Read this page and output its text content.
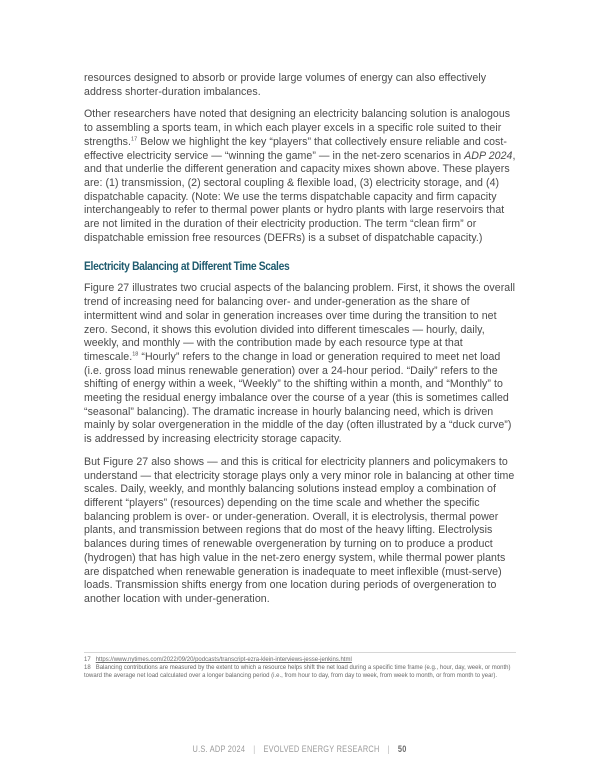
resources designed to absorb or provide large volumes of energy can also effectively address shorter-duration imbalances.

Other researchers have noted that designing an electricity balancing solution is analogous to assembling a sports team, in which each player excels in a specific role suited to their strengths.$^{17}$ Below we highlight the key “players” that collectively ensure reliable and cost-effective electricity service — “winning the game” — in the net-zero scenarios in ADP 2024, and that underlie the different generation and capacity mixes shown above. These players are: (1) transmission, (2) sectoral coupling & flexible load, (3) electricity storage, and (4) dispatchable capacity. (Note: We use the terms dispatchable capacity and firm capacity interchangeably to refer to thermal power plants or hydro plants with large reservoirs that are not limited in the duration of their electricity production. The term “clean firm” or dispatchable emission free resources (DEFRs) is a subset of dispatchable capacity.)

Electricity Balancing at Different Time Scales

Figure 27 illustrates two crucial aspects of the balancing problem. First, it shows the overall trend of increasing need for balancing over- and under-generation as the share of intermittent wind and solar in generation increases over time during the transition to net zero. Second, it shows this evolution divided into different timescales — hourly, daily, weekly, and monthly — with the contribution made by each resource type at that timescale.$^{18}$ “Hourly” refers to the change in load or generation required to meet net load (i.e. gross load minus renewable generation) over a 24-hour period. “Daily” refers to the shifting of energy within a week, “Weekly” to the shifting within a month, and “Monthly” to meeting the residual energy imbalance over the course of a year (this is sometimes called “seasonal” balancing). The dramatic increase in hourly balancing need, which is driven mainly by solar overgeneration in the middle of the day (often illustrated by a “duck curve”) is addressed by increasing electricity storage capacity.

But Figure 27 also shows — and this is critical for electricity planners and policymakers to understand — that electricity storage plays only a very minor role in balancing at other time scales. Daily, weekly, and monthly balancing solutions instead employ a combination of different “players” (resources) depending on the time scale and whether the specific balancing problem is over- or under-generation. Overall, it is electrolysis, thermal power plants, and transmission between regions that do most of the heavy lifting. Electrolysis balances during times of renewable overgeneration by turning on to produce a product (hydrogen) that has high value in the net-zero energy system, while thermal power plants are dispatched when renewable generation is inadequate to meet inflexible (must-serve) loads. Transmission shifts energy from one location during periods of overgeneration to another location with under-generation.

17 https://www.nytimes.com/2022/09/20/podcasts/transcript-ezra-klein-interviews-jesse-jenkins.html

18 Balancing contributions are measured by the extent to which a resource helps shift the net load during a specific time frame (e.g., hour, day, week, or month) toward the average net load calculated over a longer balancing period (i.e., from hour to day, from day to week, from week to month, or from month to year).

U.S. ADP 2024 | EVOLVED ENERGY RESEARCH | 50
